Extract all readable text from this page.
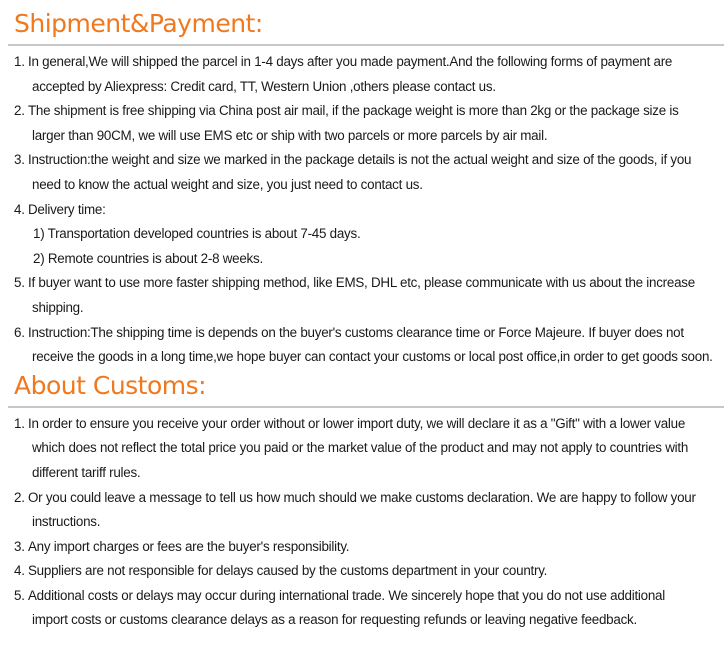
Shipment&Payment:
1. In general,We will shipped the parcel in 1-4 days after you made payment.And the following forms of payment are
accepted by Aliexpress: Credit card, TT, Western Union ,others please contact us.
2. The shipment is free shipping via China post air mail, if the package weight is more than 2kg or the package size is
larger than 90CM, we will use EMS etc or ship with two parcels or more parcels by air mail.
3. Instruction:the weight and size we marked in the package details is not the actual weight and size of the goods, if you
need to know the actual weight and size, you just need to contact us.
4. Delivery time:
1) Transportation developed countries is about 7-45 days.
2) Remote countries is about 2-8 weeks.
5. If buyer want to use more faster shipping method, like EMS, DHL etc, please communicate with us about the increase
shipping.
6. Instruction:The shipping time is depends on the buyer's customs clearance time or Force Majeure. If buyer does not
receive the goods in a long time,we hope buyer can contact your customs or local post office,in order to get goods soon.
About Customs:
1. In order to ensure you receive your order without or lower import duty, we will declare it as a "Gift" with a lower value
which does not reflect the total price you paid or the market value of the product and may not apply to countries with
different tariff rules.
2. Or you could leave a message to tell us how much should we make customs declaration. We are happy to follow your
instructions.
3. Any import charges or fees are the buyer's responsibility.
4. Suppliers are not responsible for delays caused by the customs department in your country.
5. Additional costs or delays may occur during international trade. We sincerely hope that you do not use additional
import costs or customs clearance delays as a reason for requesting refunds or leaving negative feedback.
